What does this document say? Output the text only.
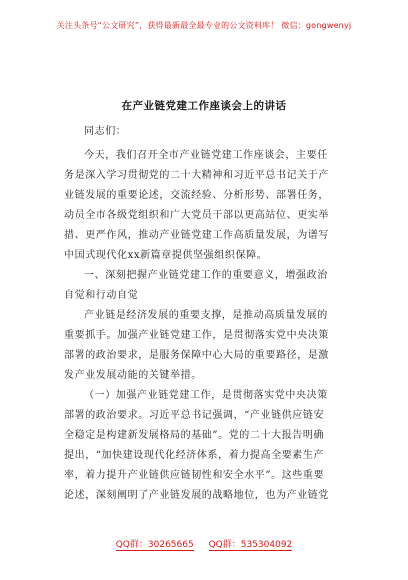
关注头条号“公文研究”，获得最新最全最专业的公文资料库！ 微信：gongwenyj
在产业链党建工作座谈会上的讲话
同志们：
今天，我们召开全市产业链党建工作座谈会，主要任
务是深入学习贯彻党的二十大精神和习近平总书记关于产
业链发展的重要论述，交流经验、分析形势、部署任务，
动员全市各级党组织和广大党员干部以更高站位、更实举
措、更严作风，推动产业链党建工作高质量发展，为谱写
中国式现代化xx新篇章提供坚强组织保障。
一、深刻把握产业链党建工作的重要意义，增强政治
自觉和行动自觉
产业链是经济发展的重要支撑，是推动高质量发展的
重要抓手。加强产业链党建工作，是贯彻落实党中央决策
部署的政治要求，是服务保障中心大局的重要路径，是激
发产业发展动能的关键举措。
（一）加强产业链党建工作，是贯彻落实党中央决策
部署的政治要求。习近平总书记强调，“产业链供应链安
全稳定是构建新发展格局的基础”。党的二十大报告明确
提出，“加快建设现代化经济体系，着力提高全要素生产
率，着力提升产业链供应链韧性和安全水平”。这些重要
论述，深刻阐明了产业链发展的战略地位，也为产业链党
QQ群：30265665 QQ群：535304092
